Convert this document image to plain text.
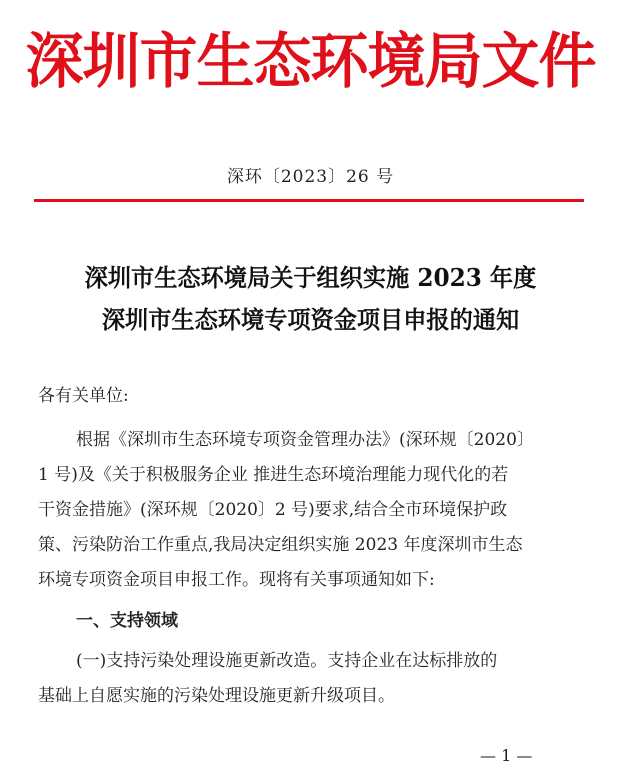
深圳市生态环境局文件
深环〔2023〕26 号
深圳市生态环境局关于组织实施 2023 年度
深圳市生态环境专项资金项目申报的通知
各有关单位:
根据《深圳市生态环境专项资金管理办法》(深环规〔2020〕
1 号)及《关于积极服务企业 推进生态环境治理能力现代化的若
干资金措施》(深环规〔2020〕2 号)要求,结合全市环境保护政
策、污染防治工作重点,我局决定组织实施 2023 年度深圳市生态
环境专项资金项目申报工作。现将有关事项通知如下:
一、支持领域
(一)支持污染处理设施更新改造。支持企业在达标排放的
基础上自愿实施的污染处理设施更新升级项目。
— 1 —
